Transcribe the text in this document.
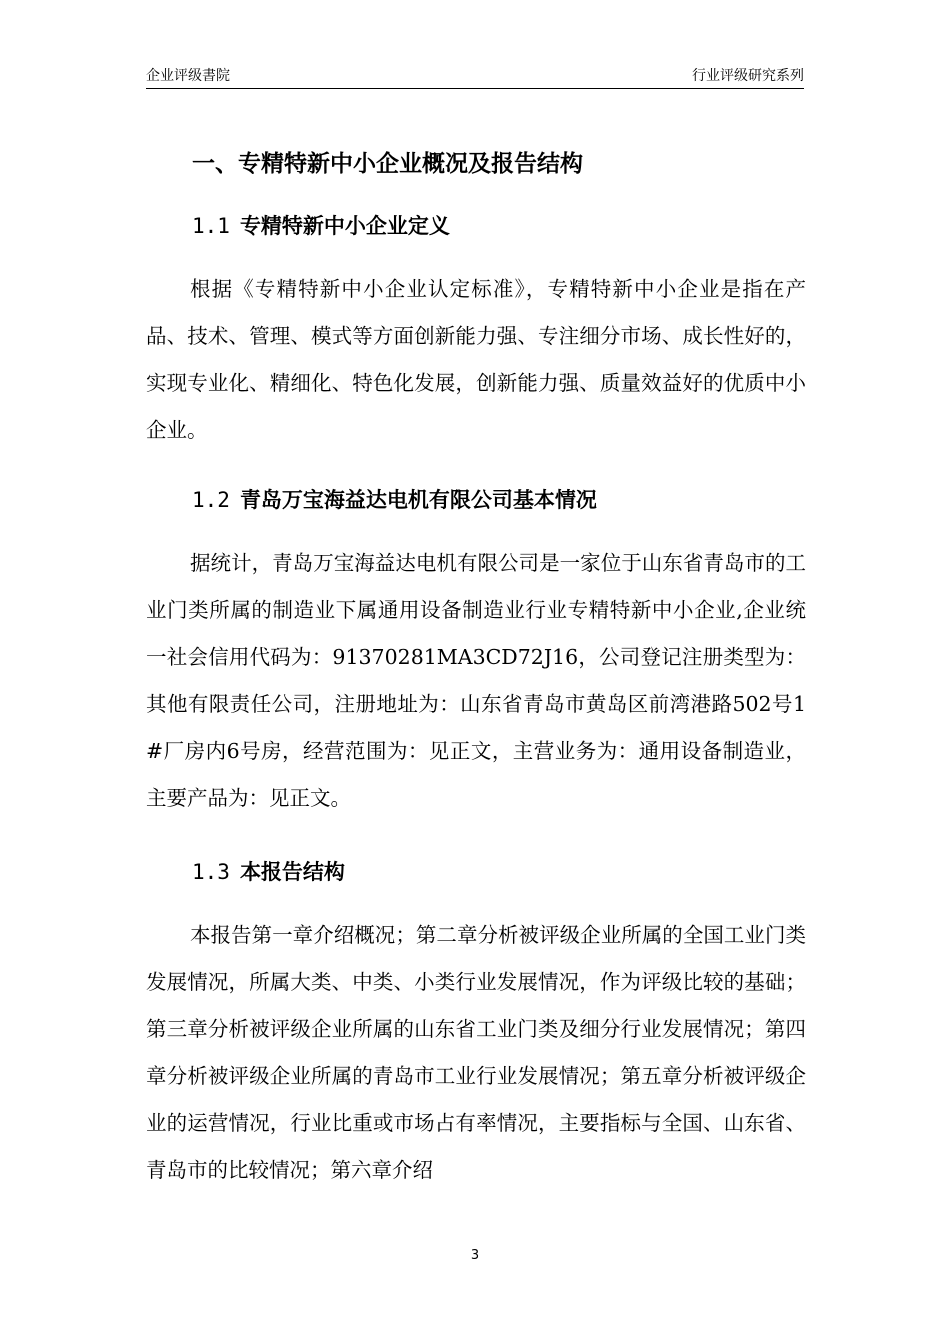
企业评级書院	行业评级研究系列
一、专精特新中小企业概况及报告结构
1.1 专精特新中小企业定义
根据《专精特新中小企业认定标准》，专精特新中小企业是指在产品、技术、管理、模式等方面创新能力强、专注细分市场、成长性好的，实现专业化、精细化、特色化发展，创新能力强、质量效益好的优质中小企业。
1.2 青岛万宝海益达电机有限公司基本情况
据统计，青岛万宝海益达电机有限公司是一家位于山东省青岛市的工业门类所属的制造业下属通用设备制造业行业专精特新中小企业,企业统一社会信用代码为：91370281MA3CD72J16，公司登记注册类型为：其他有限责任公司，注册地址为：山东省青岛市黄岛区前湾港路502号1#厂房内6号房，经营范围为：见正文，主营业务为：通用设备制造业，主要产品为：见正文。
1.3 本报告结构
本报告第一章介绍概况；第二章分析被评级企业所属的全国工业门类发展情况，所属大类、中类、小类行业发展情况，作为评级比较的基础；第三章分析被评级企业所属的山东省工业门类及细分行业发展情况；第四章分析被评级企业所属的青岛市工业行业发展情况；第五章分析被评级企业的运营情况，行业比重或市场占有率情况，主要指标与全国、山东省、青岛市的比较情况；第六章介绍
3
